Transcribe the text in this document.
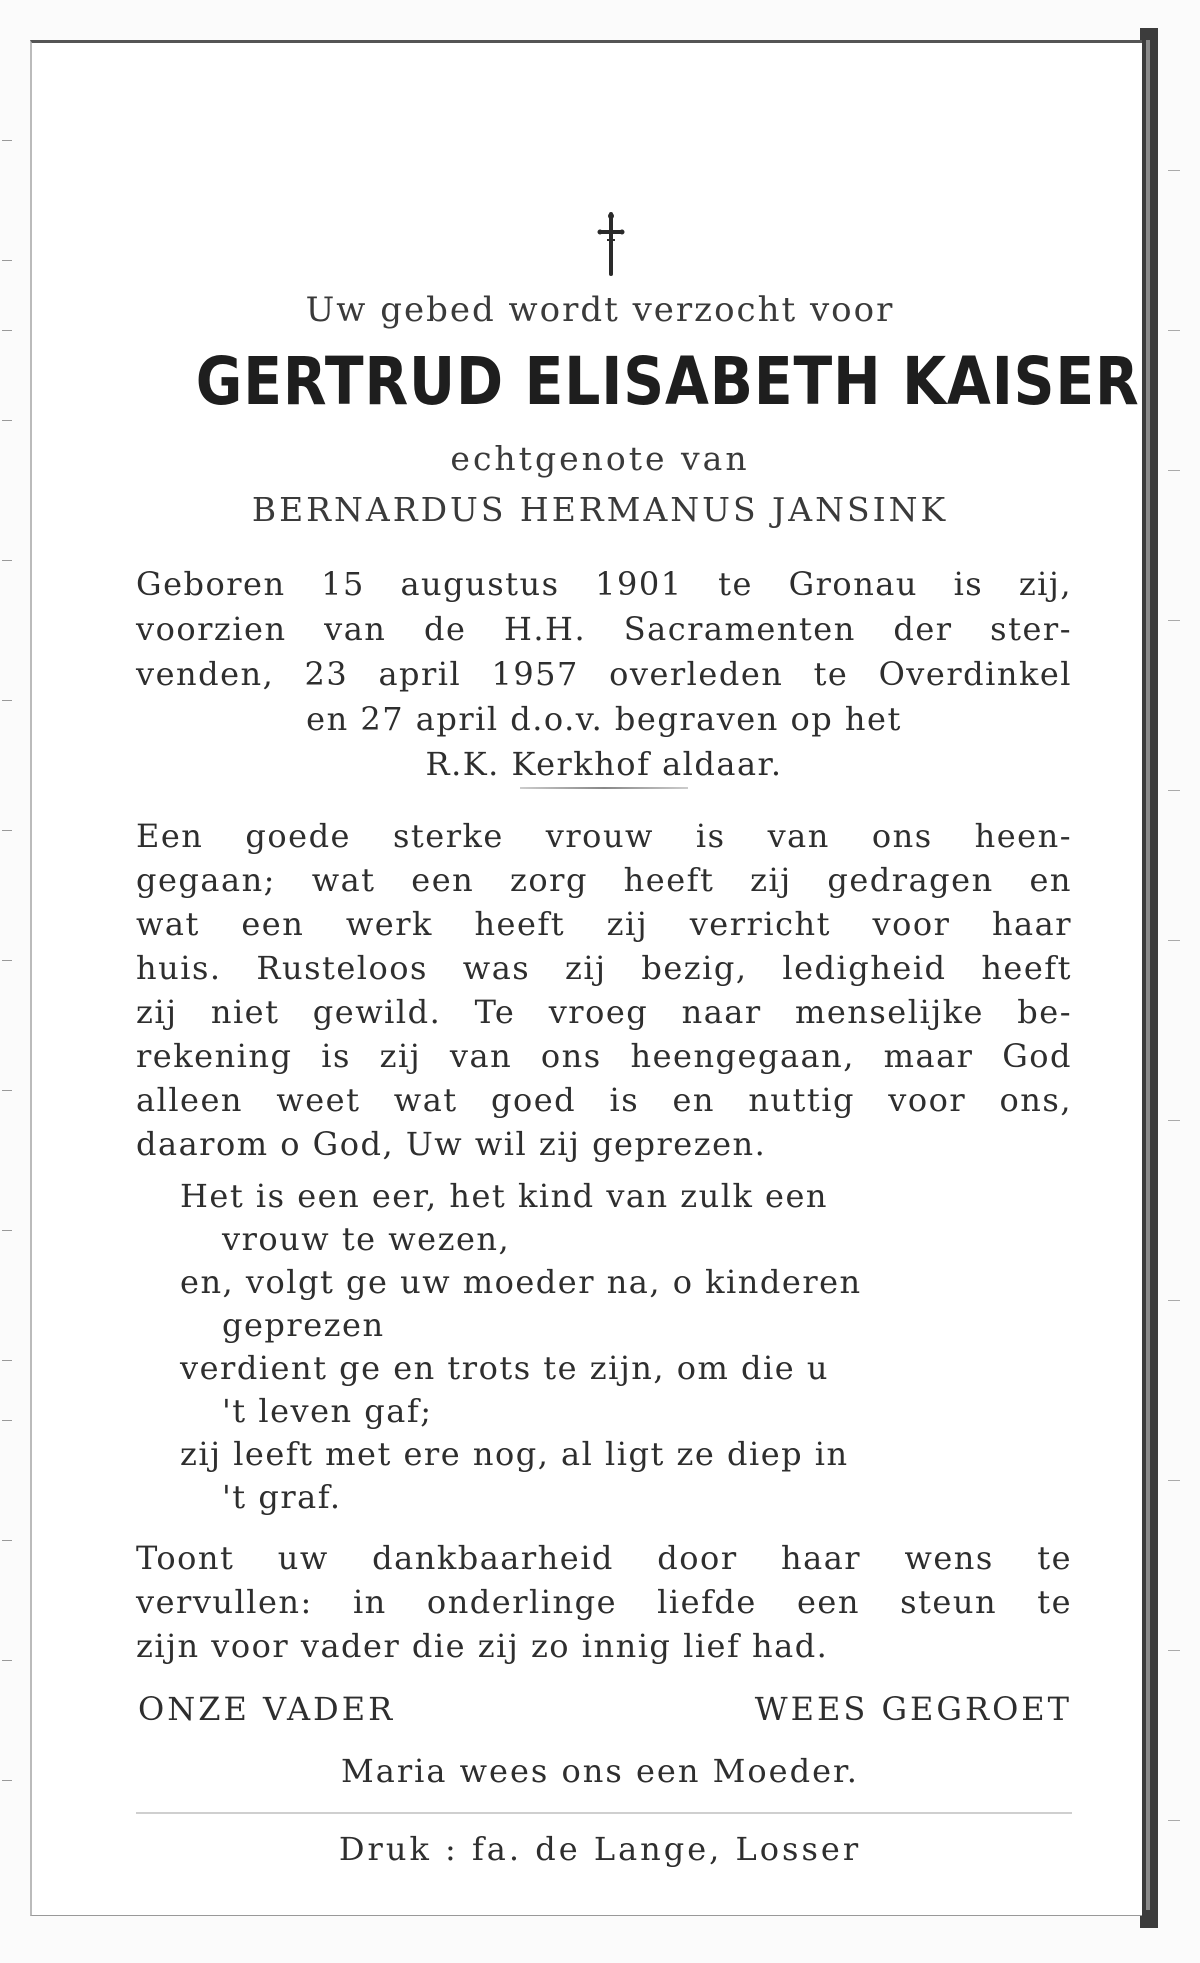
Uw gebed wordt verzocht voor
GERTRUD ELISABETH KAISER
echtgenote van
BERNARDUS HERMANUS JANSINK
Geboren 15 augustus 1901 te Gronau is zij,
voorzien van de H.H. Sacramenten der ster-
venden, 23 april 1957 overleden te Overdinkel
en 27 april d.o.v. begraven op het
R.K. Kerkhof aldaar.
Een goede sterke vrouw is van ons heen-
gegaan; wat een zorg heeft zij gedragen en
wat een werk heeft zij verricht voor haar
huis. Rusteloos was zij bezig, ledigheid heeft
zij niet gewild. Te vroeg naar menselijke be-
rekening is zij van ons heengegaan, maar God
alleen weet wat goed is en nuttig voor ons,
daarom o God, Uw wil zij geprezen.
Het is een eer, het kind van zulk een
vrouw te wezen,
en, volgt ge uw moeder na, o kinderen
geprezen
verdient ge en trots te zijn, om die u
't leven gaf;
zij leeft met ere nog, al ligt ze diep in
't graf.
Toont uw dankbaarheid door haar wens te
vervullen: in onderlinge liefde een steun te
zijn voor vader die zij zo innig lief had.
ONZE VADER	WEES GEGROET
Maria wees ons een Moeder.
Druk : fa. de Lange, Losser
